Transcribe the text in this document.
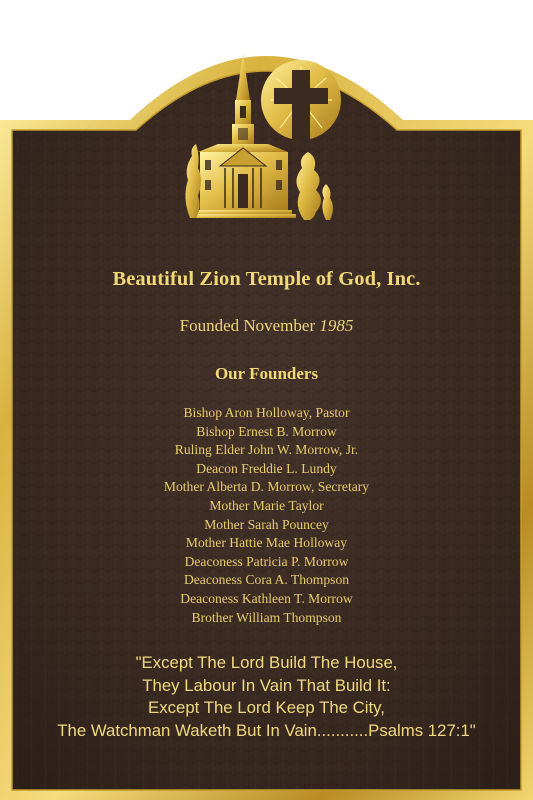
Beautiful Zion Temple of God, Inc.
Founded November 1985
Our Founders
Bishop Aron Holloway, Pastor
Bishop Ernest B. Morrow
Ruling Elder John W. Morrow, Jr.
Deacon Freddie L. Lundy
Mother Alberta D. Morrow, Secretary
Mother Marie Taylor
Mother Sarah Pouncey
Mother Hattie Mae Holloway
Deaconess Patricia P. Morrow
Deaconess Cora A. Thompson
Deaconess Kathleen T. Morrow
Brother William Thompson
"Except The Lord Build The House,
They Labour In Vain That Build It:
Except The Lord Keep The City,
The Watchman Waketh But In Vain...........Psalms 127:1"
